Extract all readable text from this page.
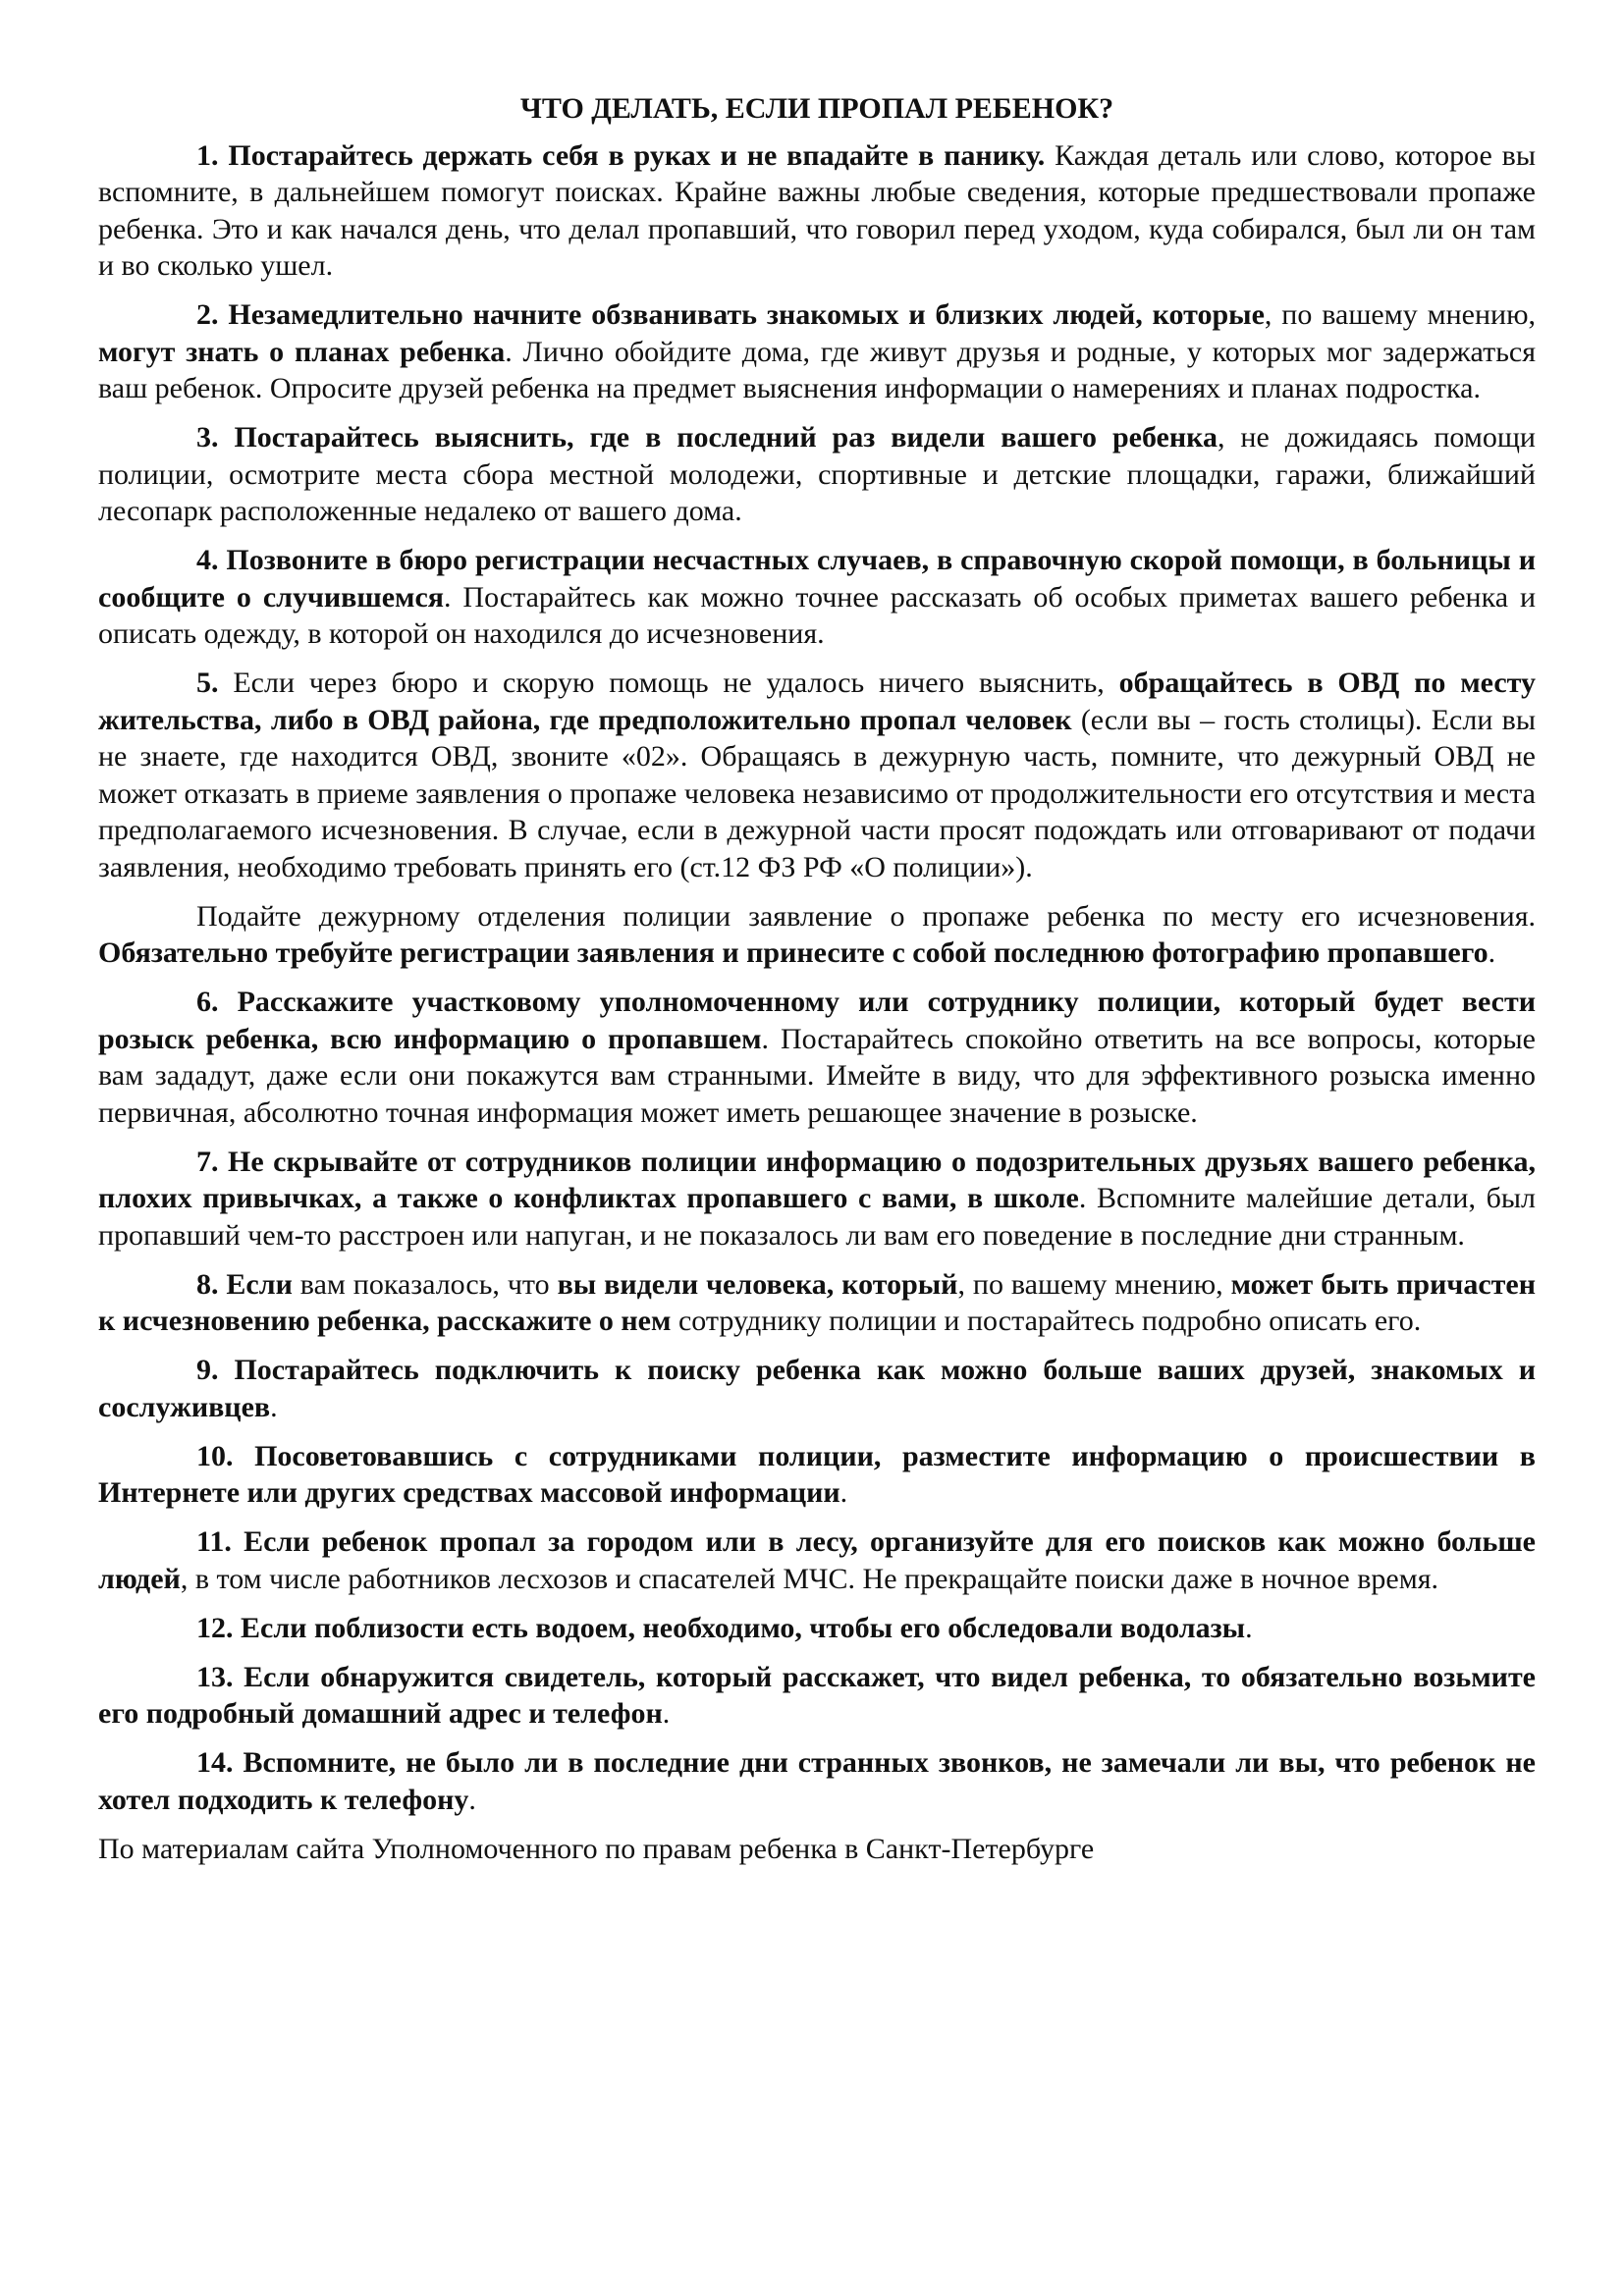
ЧТО ДЕЛАТЬ, ЕСЛИ ПРОПАЛ РЕБЕНОК?

1. Постарайтесь держать себя в руках и не впадайте в панику. Каждая деталь или слово, которое вы вспомните, в дальнейшем помогут поисках. Крайне важны любые сведения, которые предшествовали пропаже ребенка. Это и как начался день, что делал пропавший, что говорил перед уходом, куда собирался, был ли он там и во сколько ушел.

2. Незамедлительно начните обзванивать знакомых и близких людей, которые, по вашему мнению, могут знать о планах ребенка. Лично обойдите дома, где живут друзья и родные, у которых мог задержаться ваш ребенок. Опросите друзей ребенка на предмет выяснения информации о намерениях и планах подростка.

3. Постарайтесь выяснить, где в последний раз видели вашего ребенка, не дожидаясь помощи полиции, осмотрите места сбора местной молодежи, спортивные и детские площадки, гаражи, ближайший лесопарк расположенные недалеко от вашего дома.

4. Позвоните в бюро регистрации несчастных случаев, в справочную скорой помощи, в больницы и сообщите о случившемся. Постарайтесь как можно точнее рассказать об особых приметах вашего ребенка и описать одежду, в которой он находился до исчезновения.

5. Если через бюро и скорую помощь не удалось ничего выяснить, обращайтесь в ОВД по месту жительства, либо в ОВД района, где предположительно пропал человек (если вы – гость столицы). Если вы не знаете, где находится ОВД, звоните «02». Обращаясь в дежурную часть, помните, что дежурный ОВД не может отказать в приеме заявления о пропаже человека независимо от продолжительности его отсутствия и места предполагаемого исчезновения. В случае, если в дежурной части просят подождать или отговаривают от подачи заявления, необходимо требовать принять его (ст.12 ФЗ РФ «О полиции»).

Подайте дежурному отделения полиции заявление о пропаже ребенка по месту его исчезновения. Обязательно требуйте регистрации заявления и принесите с собой последнюю фотографию пропавшего.

6. Расскажите участковому уполномоченному или сотруднику полиции, который будет вести розыск ребенка, всю информацию о пропавшем. Постарайтесь спокойно ответить на все вопросы, которые вам зададут, даже если они покажутся вам странными. Имейте в виду, что для эффективного розыска именно первичная, абсолютно точная информация может иметь решающее значение в розыске.

7. Не скрывайте от сотрудников полиции информацию о подозрительных друзьях вашего ребенка, плохих привычках, а также о конфликтах пропавшего с вами, в школе. Вспомните малейшие детали, был пропавший чем-то расстроен или напуган, и не показалось ли вам его поведение в последние дни странным.

8. Если вам показалось, что вы видели человека, который, по вашему мнению, может быть причастен к исчезновению ребенка, расскажите о нем сотруднику полиции и постарайтесь подробно описать его.

9. Постарайтесь подключить к поиску ребенка как можно больше ваших друзей, знакомых и сослуживцев.

10. Посоветовавшись с сотрудниками полиции, разместите информацию о происшествии в Интернете или других средствах массовой информации.

11. Если ребенок пропал за городом или в лесу, организуйте для его поисков как можно больше людей, в том числе работников лесхозов и спасателей МЧС. Не прекращайте поиски даже в ночное время.

12. Если поблизости есть водоем, необходимо, чтобы его обследовали водолазы.

13. Если обнаружится свидетель, который расскажет, что видел ребенка, то обязательно возьмите его подробный домашний адрес и телефон.

14. Вспомните, не было ли в последние дни странных звонков, не замечали ли вы, что ребенок не хотел подходить к телефону.

По материалам сайта Уполномоченного по правам ребенка в Санкт-Петербурге
